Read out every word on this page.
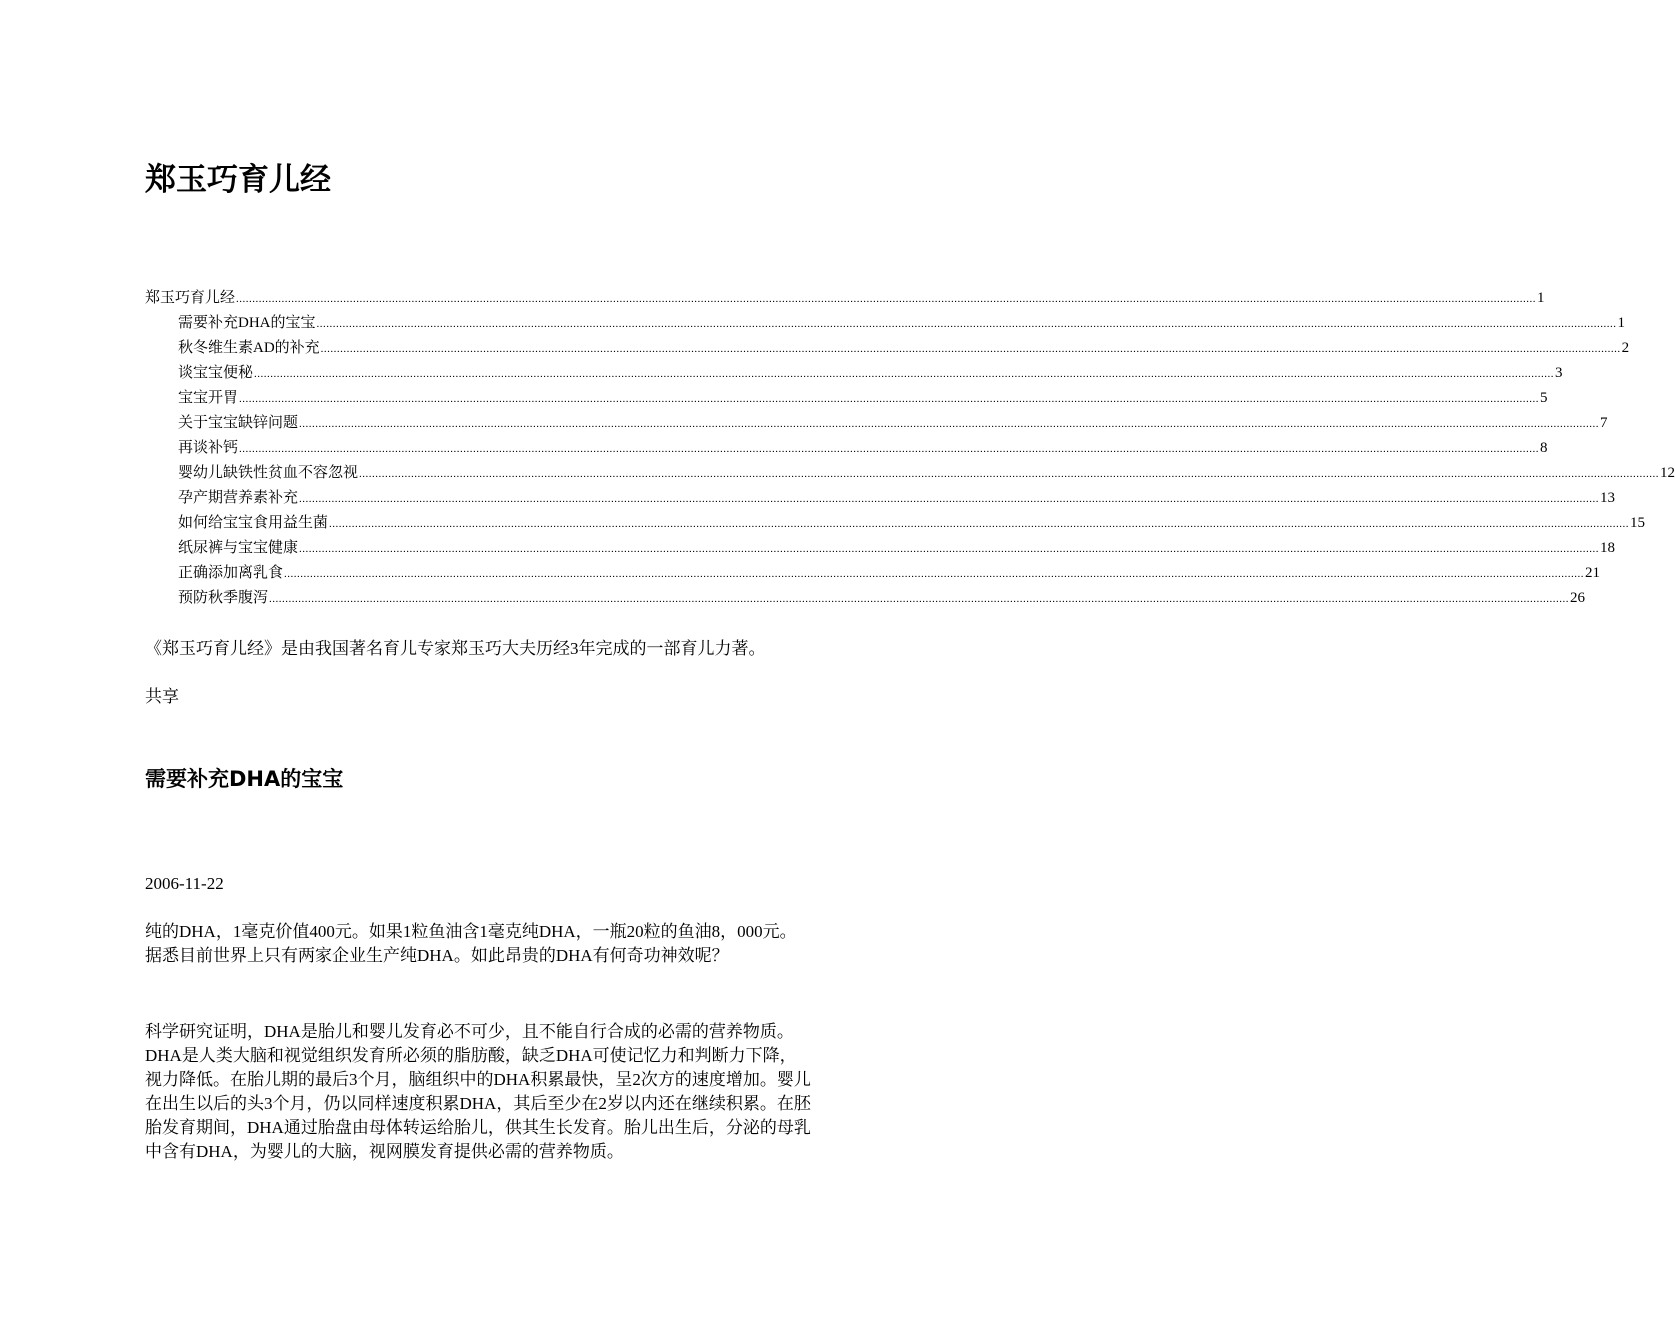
郑玉巧育儿经
郑玉巧育儿经 ................................................................................................................................................................................................................................................................................................................................................................................................................ 1
需要补充DHA的宝宝 ................................................................................................................................................................................................................................................................................................................................................................................................................ 1
秋冬维生素AD的补充 ................................................................................................................................................................................................................................................................................................................................................................................................................ 2
谈宝宝便秘 ................................................................................................................................................................................................................................................................................................................................................................................................................ 3
宝宝开胃 ................................................................................................................................................................................................................................................................................................................................................................................................................ 5
关于宝宝缺锌问题 ................................................................................................................................................................................................................................................................................................................................................................................................................ 7
再谈补钙 ................................................................................................................................................................................................................................................................................................................................................................................................................ 8
婴幼儿缺铁性贫血不容忽视 ................................................................................................................................................................................................................................................................................................................................................................................................................ 12
孕产期营养素补充 ................................................................................................................................................................................................................................................................................................................................................................................................................ 13
如何给宝宝食用益生菌 ................................................................................................................................................................................................................................................................................................................................................................................................................ 15
纸尿裤与宝宝健康 ................................................................................................................................................................................................................................................................................................................................................................................................................ 18
正确添加离乳食 ................................................................................................................................................................................................................................................................................................................................................................................................................ 21
预防秋季腹泻 ................................................................................................................................................................................................................................................................................................................................................................................................................ 26

《郑玉巧育儿经》是由我国著名育儿专家郑玉巧大夫历经3年完成的一部育儿力著。

共享

需要补充DHA的宝宝

2006-11-22

纯的DHA，1毫克价值400元。如果1粒鱼油含1毫克纯DHA，一瓶20粒的鱼油8，000元。据悉目前世界上只有两家企业生产纯DHA。如此昂贵的DHA有何奇功神效呢？

科学研究证明，DHA是胎儿和婴儿发育必不可少，且不能自行合成的必需的营养物质。DHA是人类大脑和视觉组织发育所必须的脂肪酸，缺乏DHA可使记忆力和判断力下降，视力降低。在胎儿期的最后3个月，脑组织中的DHA积累最快，呈2次方的速度增加。婴儿在出生以后的头3个月，仍以同样速度积累DHA，其后至少在2岁以内还在继续积累。在胚胎发育期间，DHA通过胎盘由母体转运给胎儿，供其生长发育。胎儿出生后，分泌的母乳中含有DHA，为婴儿的大脑，视网膜发育提供必需的营养物质。
